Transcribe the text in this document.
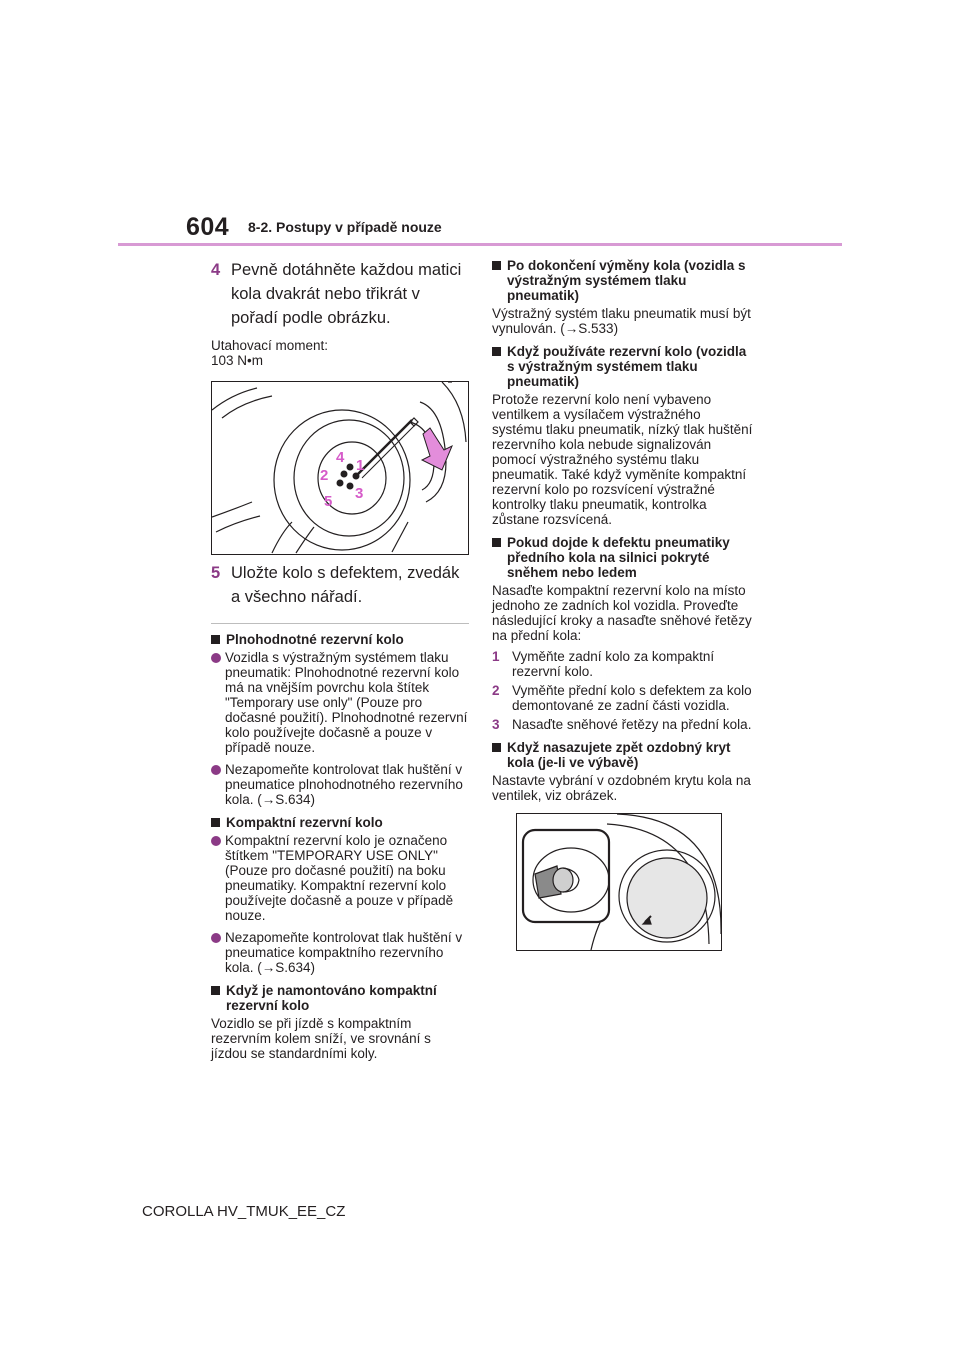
604 8-2. Postupy v případě nouze
4 Pevně dotáhněte každou matici kola dvakrát nebo třikrát v pořadí podle obrázku.
Utahovací moment:
103 N•m
1
2
3
4
5
5 Uložte kolo s defektem, zvedák a všechno nářadí.
Plnohodnotné rezervní kolo
Vozidla s výstražným systémem tlaku pneumatik: Plnohodnotné rezervní kolo má na vnějším povrchu kola štítek "Temporary use only" (Pouze pro dočasné použití). Plnohodnotné rezervní kolo používejte dočasně a pouze v případě nouze.
Nezapomeňte kontrolovat tlak huštění v pneumatice plnohodnotného rezervního kola. (→S.634)
Kompaktní rezervní kolo
Kompaktní rezervní kolo je označeno štítkem "TEMPORARY USE ONLY" (Pouze pro dočasné použití) na boku pneumatiky. Kompaktní rezervní kolo používejte dočasně a pouze v případě nouze.
Nezapomeňte kontrolovat tlak huštění v pneumatice kompaktního rezervního kola. (→S.634)
Když je namontováno kompaktní rezervní kolo
Vozidlo se při jízdě s kompaktním rezervním kolem sníží, ve srovnání s jízdou se standardními koly.
Po dokončení výměny kola (vozidla s výstražným systémem tlaku pneumatik)
Výstražný systém tlaku pneumatik musí být vynulován. (→S.533)
Když používáte rezervní kolo (vozidla s výstražným systémem tlaku pneumatik)
Protože rezervní kolo není vybaveno ventilkem a vysílačem výstražného systému tlaku pneumatik, nízký tlak huštění rezervního kola nebude signalizován pomocí výstražného systému tlaku pneumatik. Také když vyměníte kompaktní rezervní kolo po rozsvícení výstražné kontrolky tlaku pneumatik, kontrolka zůstane rozsvícená.
Pokud dojde k defektu pneumatiky předního kola na silnici pokryté sněhem nebo ledem
Nasaďte kompaktní rezervní kolo na místo jednoho ze zadních kol vozidla. Proveďte následující kroky a nasaďte sněhové řetězy na přední kola:
1 Vyměňte zadní kolo za kompaktní rezervní kolo.
2 Vyměňte přední kolo s defektem za kolo demontované ze zadní části vozidla.
3 Nasaďte sněhové řetězy na přední kola.
Když nasazujete zpět ozdobný kryt kola (je-li ve výbavě)
Nastavte vybrání v ozdobném krytu kola na ventilek, viz obrázek.
COROLLA HV_TMUK_EE_CZ
